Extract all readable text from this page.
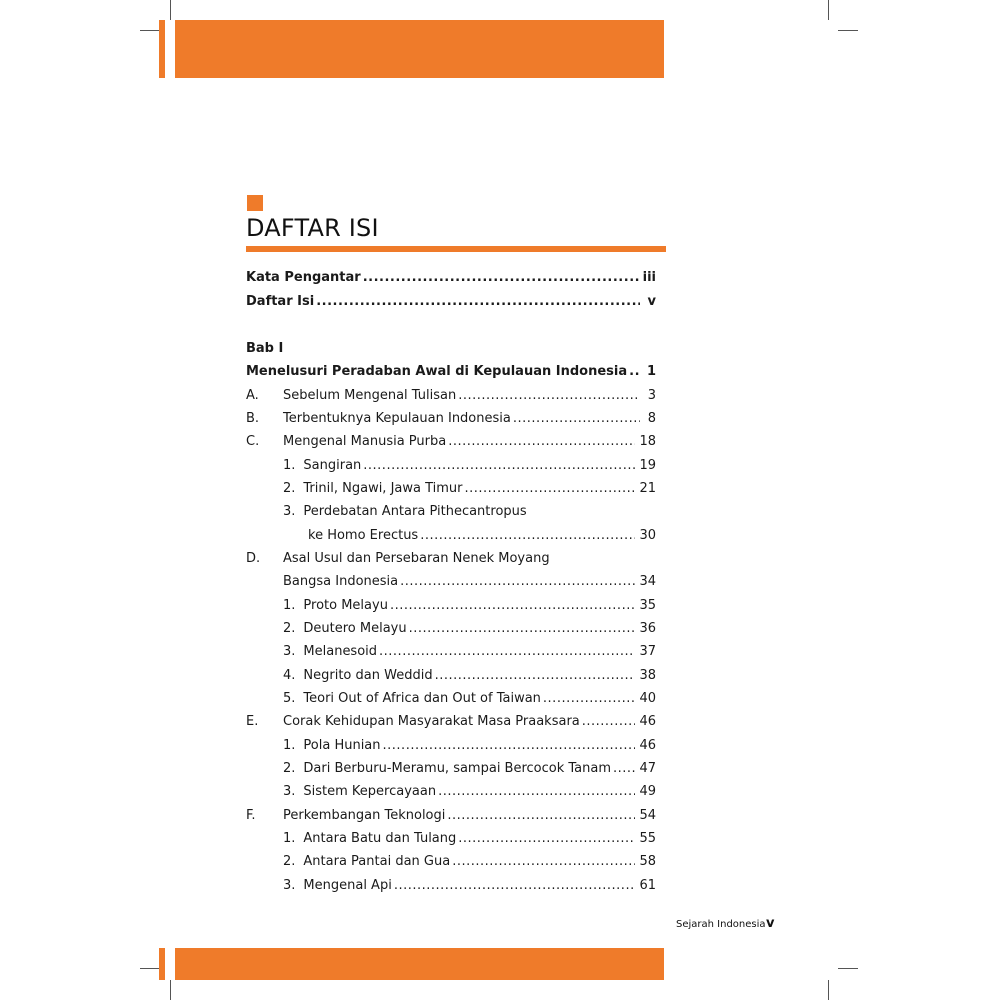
DAFTAR ISI
Kata Pengantar .....	iii
Daftar Isi .....	v
Bab I
Menelusuri Peradaban Awal di Kepulauan Indonesia ..... 1
A. Sebelum Mengenal Tulisan .....	3
B. Terbentuknya Kepulauan Indonesia .....	8
C. Mengenal Manusia Purba .....	18
1. Sangiran .....	19
2. Trinil, Ngawi, Jawa Timur .....	21
3. Perdebatan Antara Pithecantropus
ke Homo Erectus .....	30
D. Asal Usul dan Persebaran Nenek Moyang
Bangsa Indonesia .....	34
1. Proto Melayu .....	35
2. Deutero Melayu .....	36
3. Melanesoid .....	37
4. Negrito dan Weddid .....	38
5. Teori Out of Africa dan Out of Taiwan .....	40
E. Corak Kehidupan Masyarakat Masa Praaksara .....	46
1. Pola Hunian .....	46
2. Dari Berburu-Meramu, sampai Bercocok Tanam ..... 47
3. Sistem Kepercayaan .....	49
F. Perkembangan Teknologi .....	54
1. Antara Batu dan Tulang .....	55
2. Antara Pantai dan Gua .....	58
3. Mengenal Api .....	61
Sejarah Indonesia v
